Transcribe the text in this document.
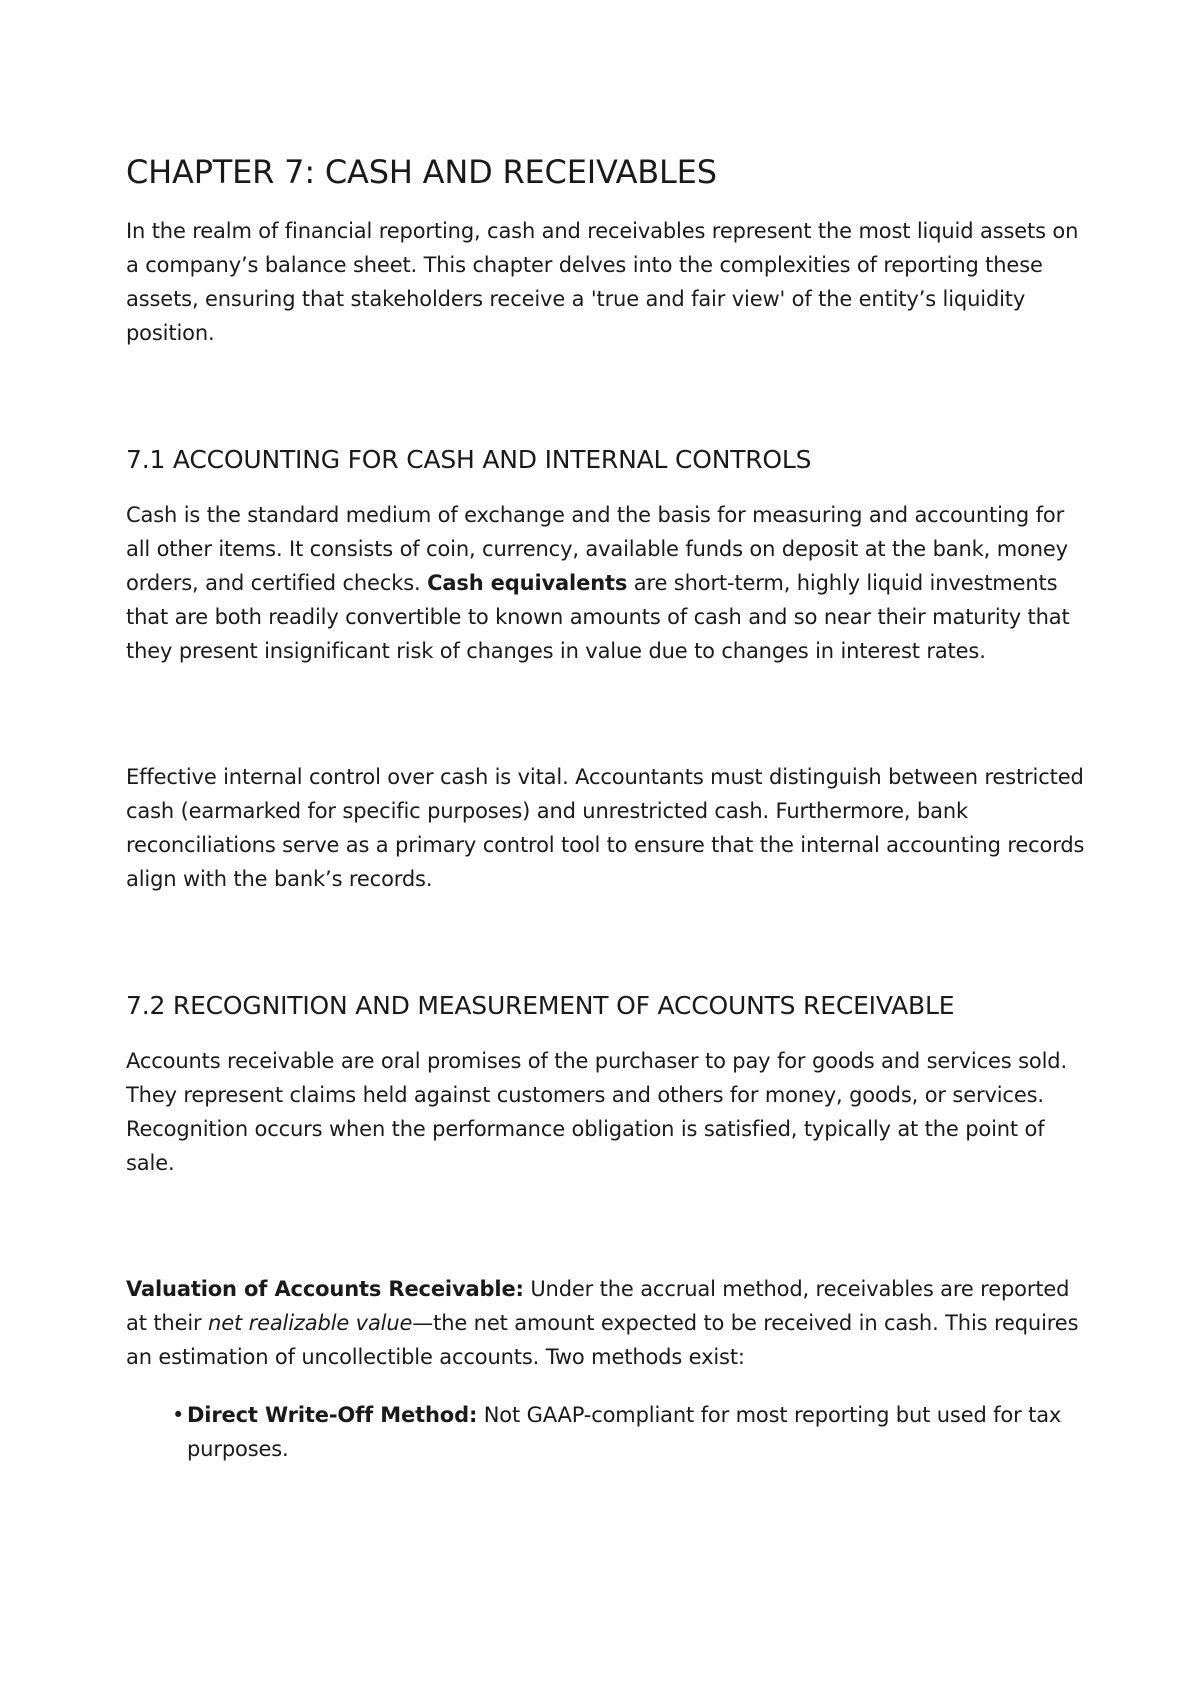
CHAPTER 7: CASH AND RECEIVABLES

In the realm of financial reporting, cash and receivables represent the most liquid assets on a company’s balance sheet. This chapter delves into the complexities of reporting these assets, ensuring that stakeholders receive a 'true and fair view' of the entity’s liquidity position.

7.1 ACCOUNTING FOR CASH AND INTERNAL CONTROLS

Cash is the standard medium of exchange and the basis for measuring and accounting for all other items. It consists of coin, currency, available funds on deposit at the bank, money orders, and certified checks. Cash equivalents are short-term, highly liquid investments that are both readily convertible to known amounts of cash and so near their maturity that they present insignificant risk of changes in value due to changes in interest rates.

Effective internal control over cash is vital. Accountants must distinguish between restricted cash (earmarked for specific purposes) and unrestricted cash. Furthermore, bank reconciliations serve as a primary control tool to ensure that the internal accounting records align with the bank’s records.

7.2 RECOGNITION AND MEASUREMENT OF ACCOUNTS RECEIVABLE

Accounts receivable are oral promises of the purchaser to pay for goods and services sold. They represent claims held against customers and others for money, goods, or services. Recognition occurs when the performance obligation is satisfied, typically at the point of sale.

Valuation of Accounts Receivable: Under the accrual method, receivables are reported at their net realizable value—the net amount expected to be received in cash. This requires an estimation of uncollectible accounts. Two methods exist:

• Direct Write-Off Method: Not GAAP-compliant for most reporting but used for tax purposes.
